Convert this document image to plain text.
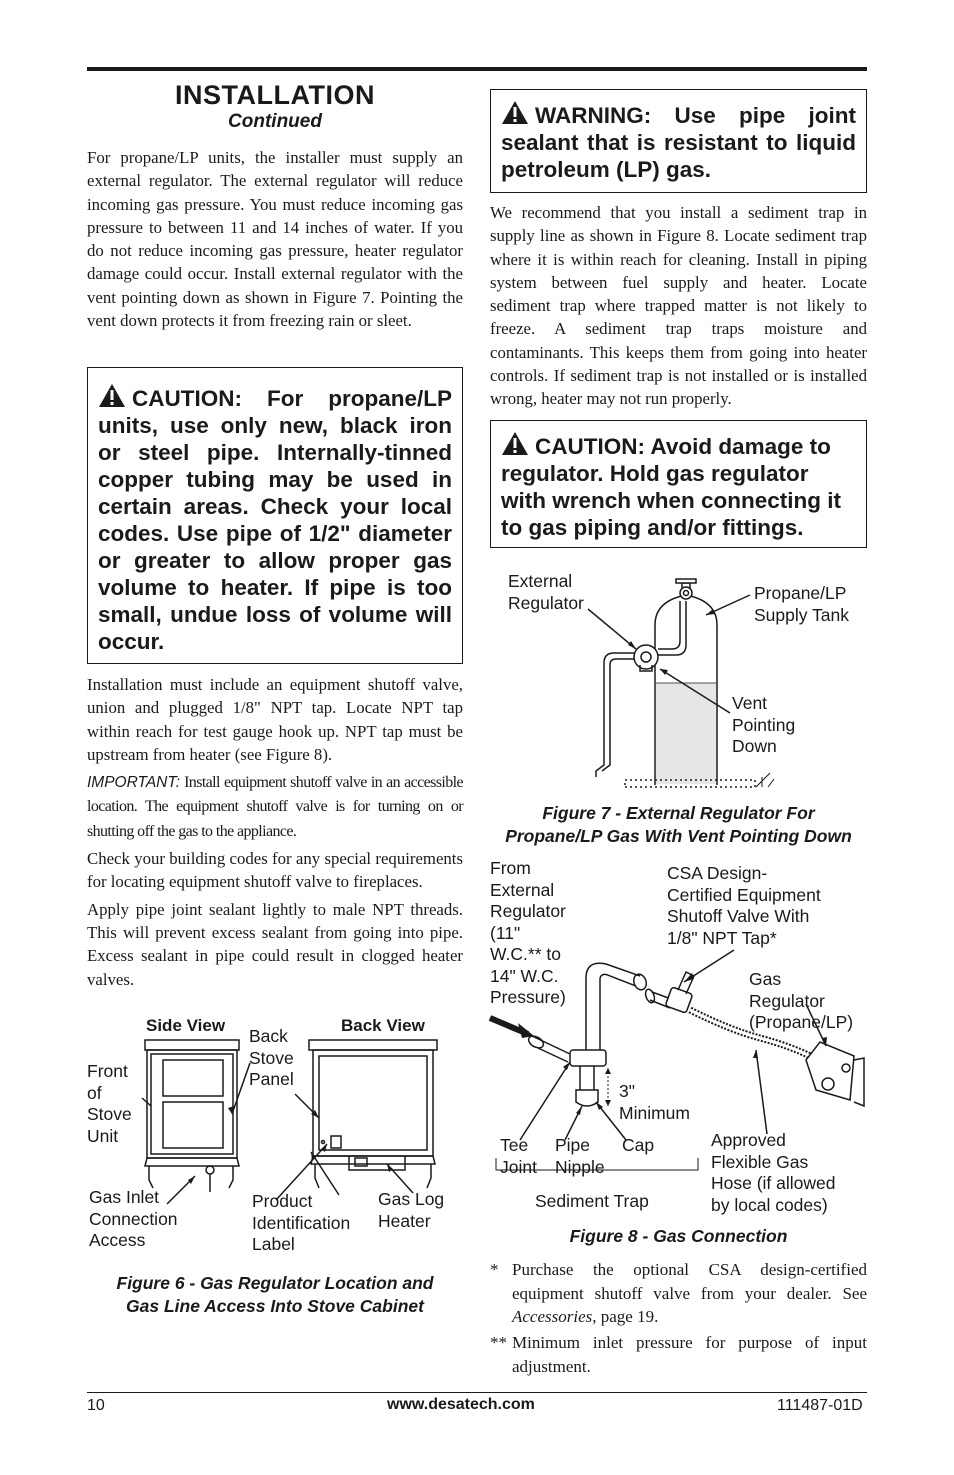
INSTALLATION
Continued

For propane/LP units, the installer must supply an external regulator. The external regulator will reduce incoming gas pressure. You must reduce incoming gas pressure to between 11 and 14 inches of water. If you do not reduce incoming gas pressure, heater regulator damage could occur. Install external regulator with the vent pointing down as shown in Figure 7. Pointing the vent down protects it from freezing rain or sleet.

CAUTION: For propane/LP units, use only new, black iron or steel pipe. Internally-tinned copper tubing may be used in certain areas. Check your local codes. Use pipe of 1/2" diameter or greater to allow proper gas volume to heater. If pipe is too small, undue loss of volume will occur.

Installation must include an equipment shutoff valve, union and plugged 1/8" NPT tap. Locate NPT tap within reach for test gauge hook up. NPT tap must be upstream from heater (see Figure 8).

IMPORTANT: Install equipment shutoff valve in an accessible location. The equipment shutoff valve is for turning on or shutting off the gas to the appliance.

Check your building codes for any special requirements for locating equipment shutoff valve to fireplaces.

Apply pipe joint sealant lightly to male NPT threads. This will prevent excess sealant from going into pipe. Excess sealant in pipe could result in clogged heater valves.

Side View	Back View
Front
of
Stove
Unit
Back
Stove
Panel
Gas Inlet
Connection
Access
Product
Identification
Label
Gas Log
Heater
Figure 6 - Gas Regulator Location and
Gas Line Access Into Stove Cabinet

WARNING: Use pipe joint sealant that is resistant to liquid petroleum (LP) gas.

We recommend that you install a sediment trap in supply line as shown in Figure 8. Locate sediment trap where it is within reach for cleaning. Install in piping system between fuel supply and heater. Locate sediment trap where trapped matter is not likely to freeze. A sediment trap traps moisture and contaminants. This keeps them from going into heater controls. If sediment trap is not installed or is installed wrong, heater may not run properly.

CAUTION: Avoid damage to regulator. Hold gas regulator with wrench when connecting it to gas piping and/or fittings.

External
Regulator	Propane/LP
Supply Tank
Vent
Pointing
Down
Figure 7 - External Regulator For
Propane/LP Gas With Vent Pointing Down
From
External
Regulator
(11"
W.C.** to
14" W.C.
Pressure)
CSA Design-
Certified Equipment
Shutoff Valve With
1/8" NPT Tap*
Gas
Regulator
(Propane/LP)
3"
Minimum
Tee
Joint
Pipe
Nipple
Cap	Approved
Flexible Gas
Hose (if allowed
by local codes)
Sediment Trap
Figure 8 - Gas Connection
* Purchase the optional CSA design-certified equipment shutoff valve from your dealer. See Accessories, page 19.
** Minimum inlet pressure for purpose of input adjustment.
10	www.desatech.com	111487-01D
